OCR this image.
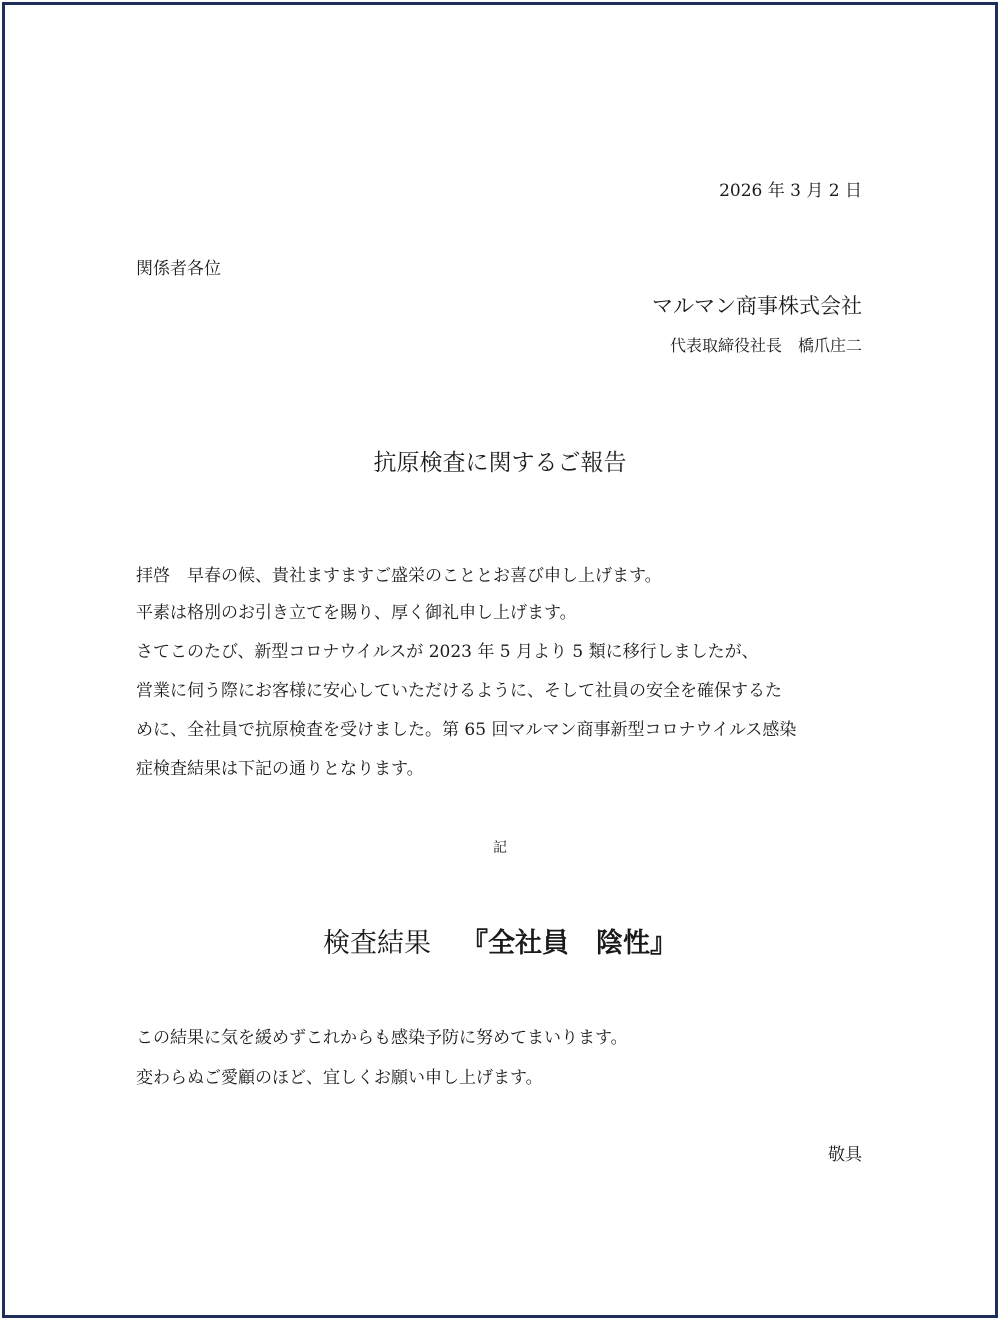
2026 年 3 月 2 日
関係者各位
マルマン商事株式会社
代表取締役社長　橋爪庄二
抗原検査に関するご報告
拝啓　早春の候、貴社ますますご盛栄のこととお喜び申し上げます。
平素は格別のお引き立てを賜り、厚く御礼申し上げます。
さてこのたび、新型コロナウイルスが 2023 年 5 月より 5 類に移行しましたが、
営業に伺う際にお客様に安心していただけるように、そして社員の安全を確保するた
めに、全社員で抗原検査を受けました。第 65 回マルマン商事新型コロナウイルス感染
症検査結果は下記の通りとなります。
記
検査結果 『全社員　陰性』
この結果に気を緩めずこれからも感染予防に努めてまいります。
変わらぬご愛顧のほど、宜しくお願い申し上げます。
敬具
